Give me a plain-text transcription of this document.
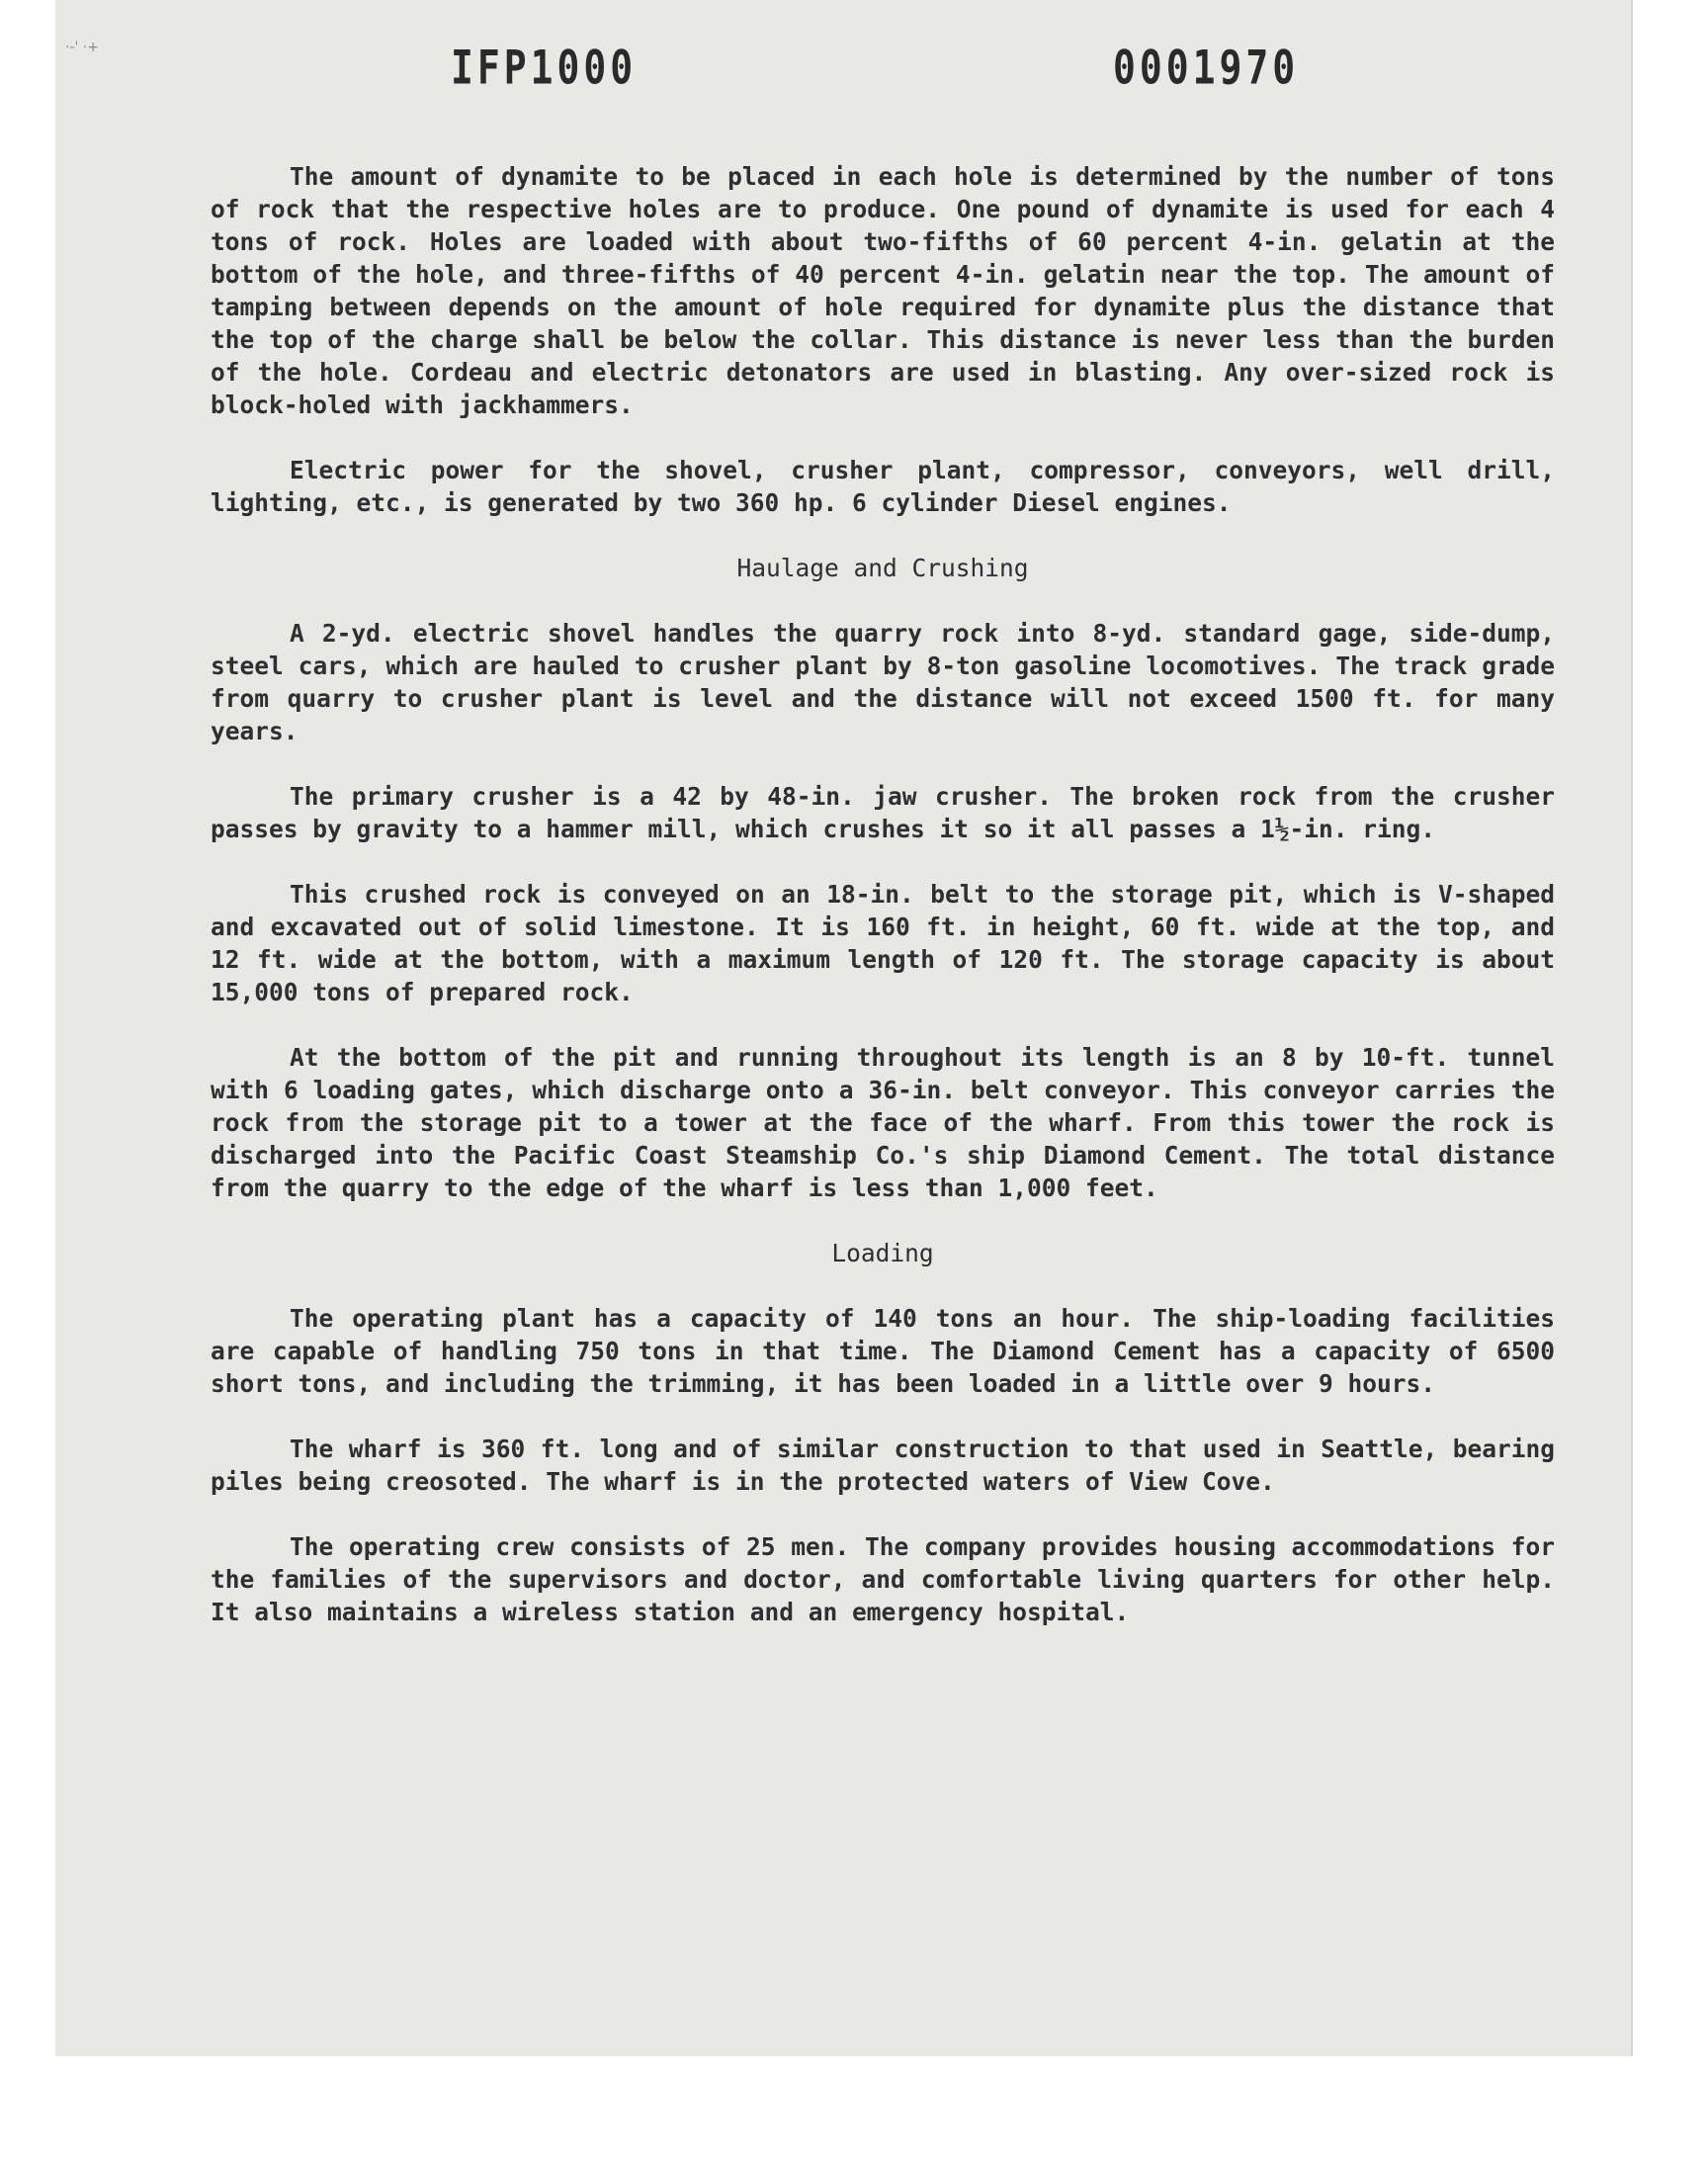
·-' ·+	IFP1000	0001970

The amount of dynamite to be placed in each hole is determined by the number of tons of rock that the respective holes are to produce. One pound of dynamite is used for each 4 tons of rock. Holes are loaded with about two-fifths of 60 percent 4-in. gelatin at the bottom of the hole, and three-fifths of 40 percent 4-in. gelatin near the top. The amount of tamping between depends on the amount of hole required for dynamite plus the distance that the top of the charge shall be below the collar. This distance is never less than the burden of the hole. Cordeau and electric detonators are used in blasting. Any over-sized rock is block-holed with jackhammers.

Electric power for the shovel, crusher plant, compressor, conveyors, well drill, lighting, etc., is generated by two 360 hp. 6 cylinder Diesel engines.

Haulage and Crushing

A 2-yd. electric shovel handles the quarry rock into 8-yd. standard gage, side-dump, steel cars, which are hauled to crusher plant by 8-ton gasoline locomotives. The track grade from quarry to crusher plant is level and the distance will not exceed 1500 ft. for many years.

The primary crusher is a 42 by 48-in. jaw crusher. The broken rock from the crusher passes by gravity to a hammer mill, which crushes it so it all passes a 1½-in. ring.

This crushed rock is conveyed on an 18-in. belt to the storage pit, which is V-shaped and excavated out of solid limestone. It is 160 ft. in height, 60 ft. wide at the top, and 12 ft. wide at the bottom, with a maximum length of 120 ft. The storage capacity is about 15,000 tons of prepared rock.

At the bottom of the pit and running throughout its length is an 8 by 10-ft. tunnel with 6 loading gates, which discharge onto a 36-in. belt conveyor. This conveyor carries the rock from the storage pit to a tower at the face of the wharf. From this tower the rock is discharged into the Pacific Coast Steamship Co.'s ship Diamond Cement. The total distance from the quarry to the edge of the wharf is less than 1,000 feet.

Loading

The operating plant has a capacity of 140 tons an hour. The ship-loading facilities are capable of handling 750 tons in that time. The Diamond Cement has a capacity of 6500 short tons, and including the trimming, it has been loaded in a little over 9 hours.

The wharf is 360 ft. long and of similar construction to that used in Seattle, bearing piles being creosoted. The wharf is in the protected waters of View Cove.

The operating crew consists of 25 men. The company provides housing accommodations for the families of the supervisors and doctor, and comfortable living quarters for other help. It also maintains a wireless station and an emergency hospital.
